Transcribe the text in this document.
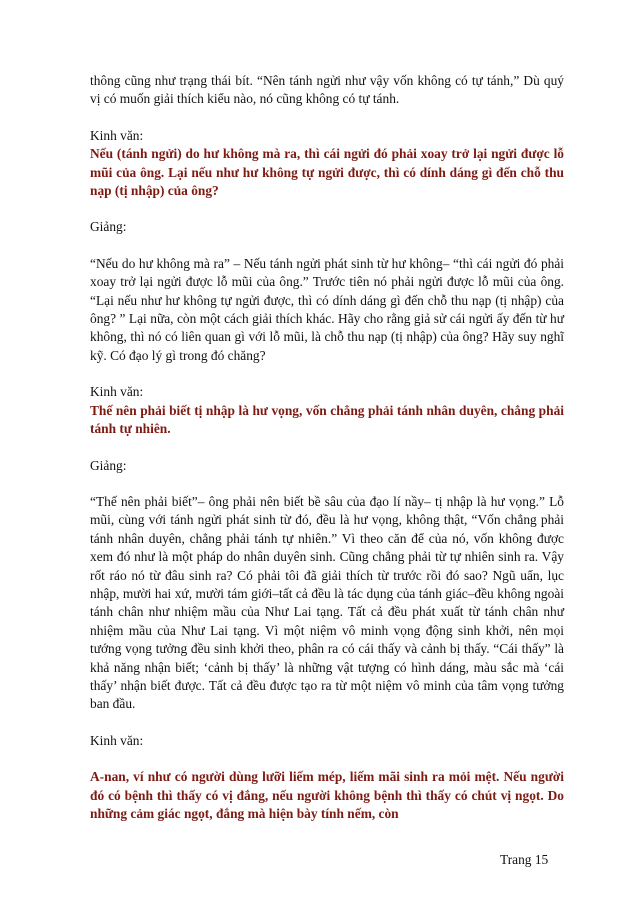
thông cũng như trạng thái bít. “Nên tánh ngửi như vậy vốn không có tự tánh,” Dù quý vị có muốn giải thích kiểu nào, nó cũng không có tự tánh.

Kinh văn:

Nếu (tánh ngửi) do hư không mà ra, thì cái ngửi đó phải xoay trở lại ngửi được lỗ mũi của ông. Lại nếu như hư không tự ngửi được, thì có dính dáng gì đến chỗ thu nạp (tị nhập) của ông?

Giảng:

“Nếu do hư không mà ra” – Nếu tánh ngửi phát sinh từ hư không– “thì cái ngửi đó phải xoay trở lại ngửi được lỗ mũi của ông.” Trước tiên nó phải ngửi được lỗ mũi của ông. “Lại nếu như hư không tự ngửi được, thì có dính dáng gì đến chỗ thu nạp (tị nhập) của ông? ” Lại nữa, còn một cách giải thích khác. Hãy cho rằng giả sử cái ngửi ấy đến từ hư không, thì nó có liên quan gì với lỗ mũi, là chỗ thu nạp (tị nhập) của ông? Hãy suy nghĩ kỹ. Có đạo lý gì trong đó chăng?

Kinh văn:

Thế nên phải biết tị nhập là hư vọng, vốn chẳng phải tánh nhân duyên, chẳng phải tánh tự nhiên.

Giảng:

“Thế nên phải biết”– ông phải nên biết bề sâu của đạo lí nầy– tị nhập là hư vọng.” Lỗ mũi, cùng với tánh ngửi phát sinh từ đó, đều là hư vọng, không thật, “Vốn chẳng phải tánh nhân duyên, chẳng phải tánh tự nhiên.” Vì theo căn để của nó, vốn không được xem đó như là một pháp do nhân duyên sinh. Cũng chẳng phải từ tự nhiên sinh ra. Vậy rốt ráo nó từ đâu sinh ra? Có phải tôi đã giải thích từ trước rồi đó sao? Ngũ uẩn, lục nhập, mười hai xứ, mười tám giới–tất cả đều là tác dụng của tánh giác–đều không ngoài tánh chân như nhiệm mầu của Như Lai tạng. Tất cả đều phát xuất từ tánh chân như nhiệm mầu của Như Lai tạng. Vì một niệm vô minh vọng động sinh khởi, nên mọi tướng vọng tưởng đều sinh khởi theo, phân ra có cái thấy và cảnh bị thấy. “Cái thấy” là khả năng nhận biết; ‘cảnh bị thấy’ là những vật tượng có hình dáng, màu sắc mà ‘cái thấy’ nhận biết được. Tất cả đều được tạo ra từ một niệm vô minh của tâm vọng tưởng ban đầu.

Kinh văn:

A-nan, ví như có người dùng lưỡi liếm mép, liếm mãi sinh ra mỏi mệt. Nếu người đó có bệnh thì thấy có vị đắng, nếu người không bệnh thì thấy có chút vị ngọt. Do những cảm giác ngọt, đắng mà hiện bày tính nếm, còn

Trang 15
